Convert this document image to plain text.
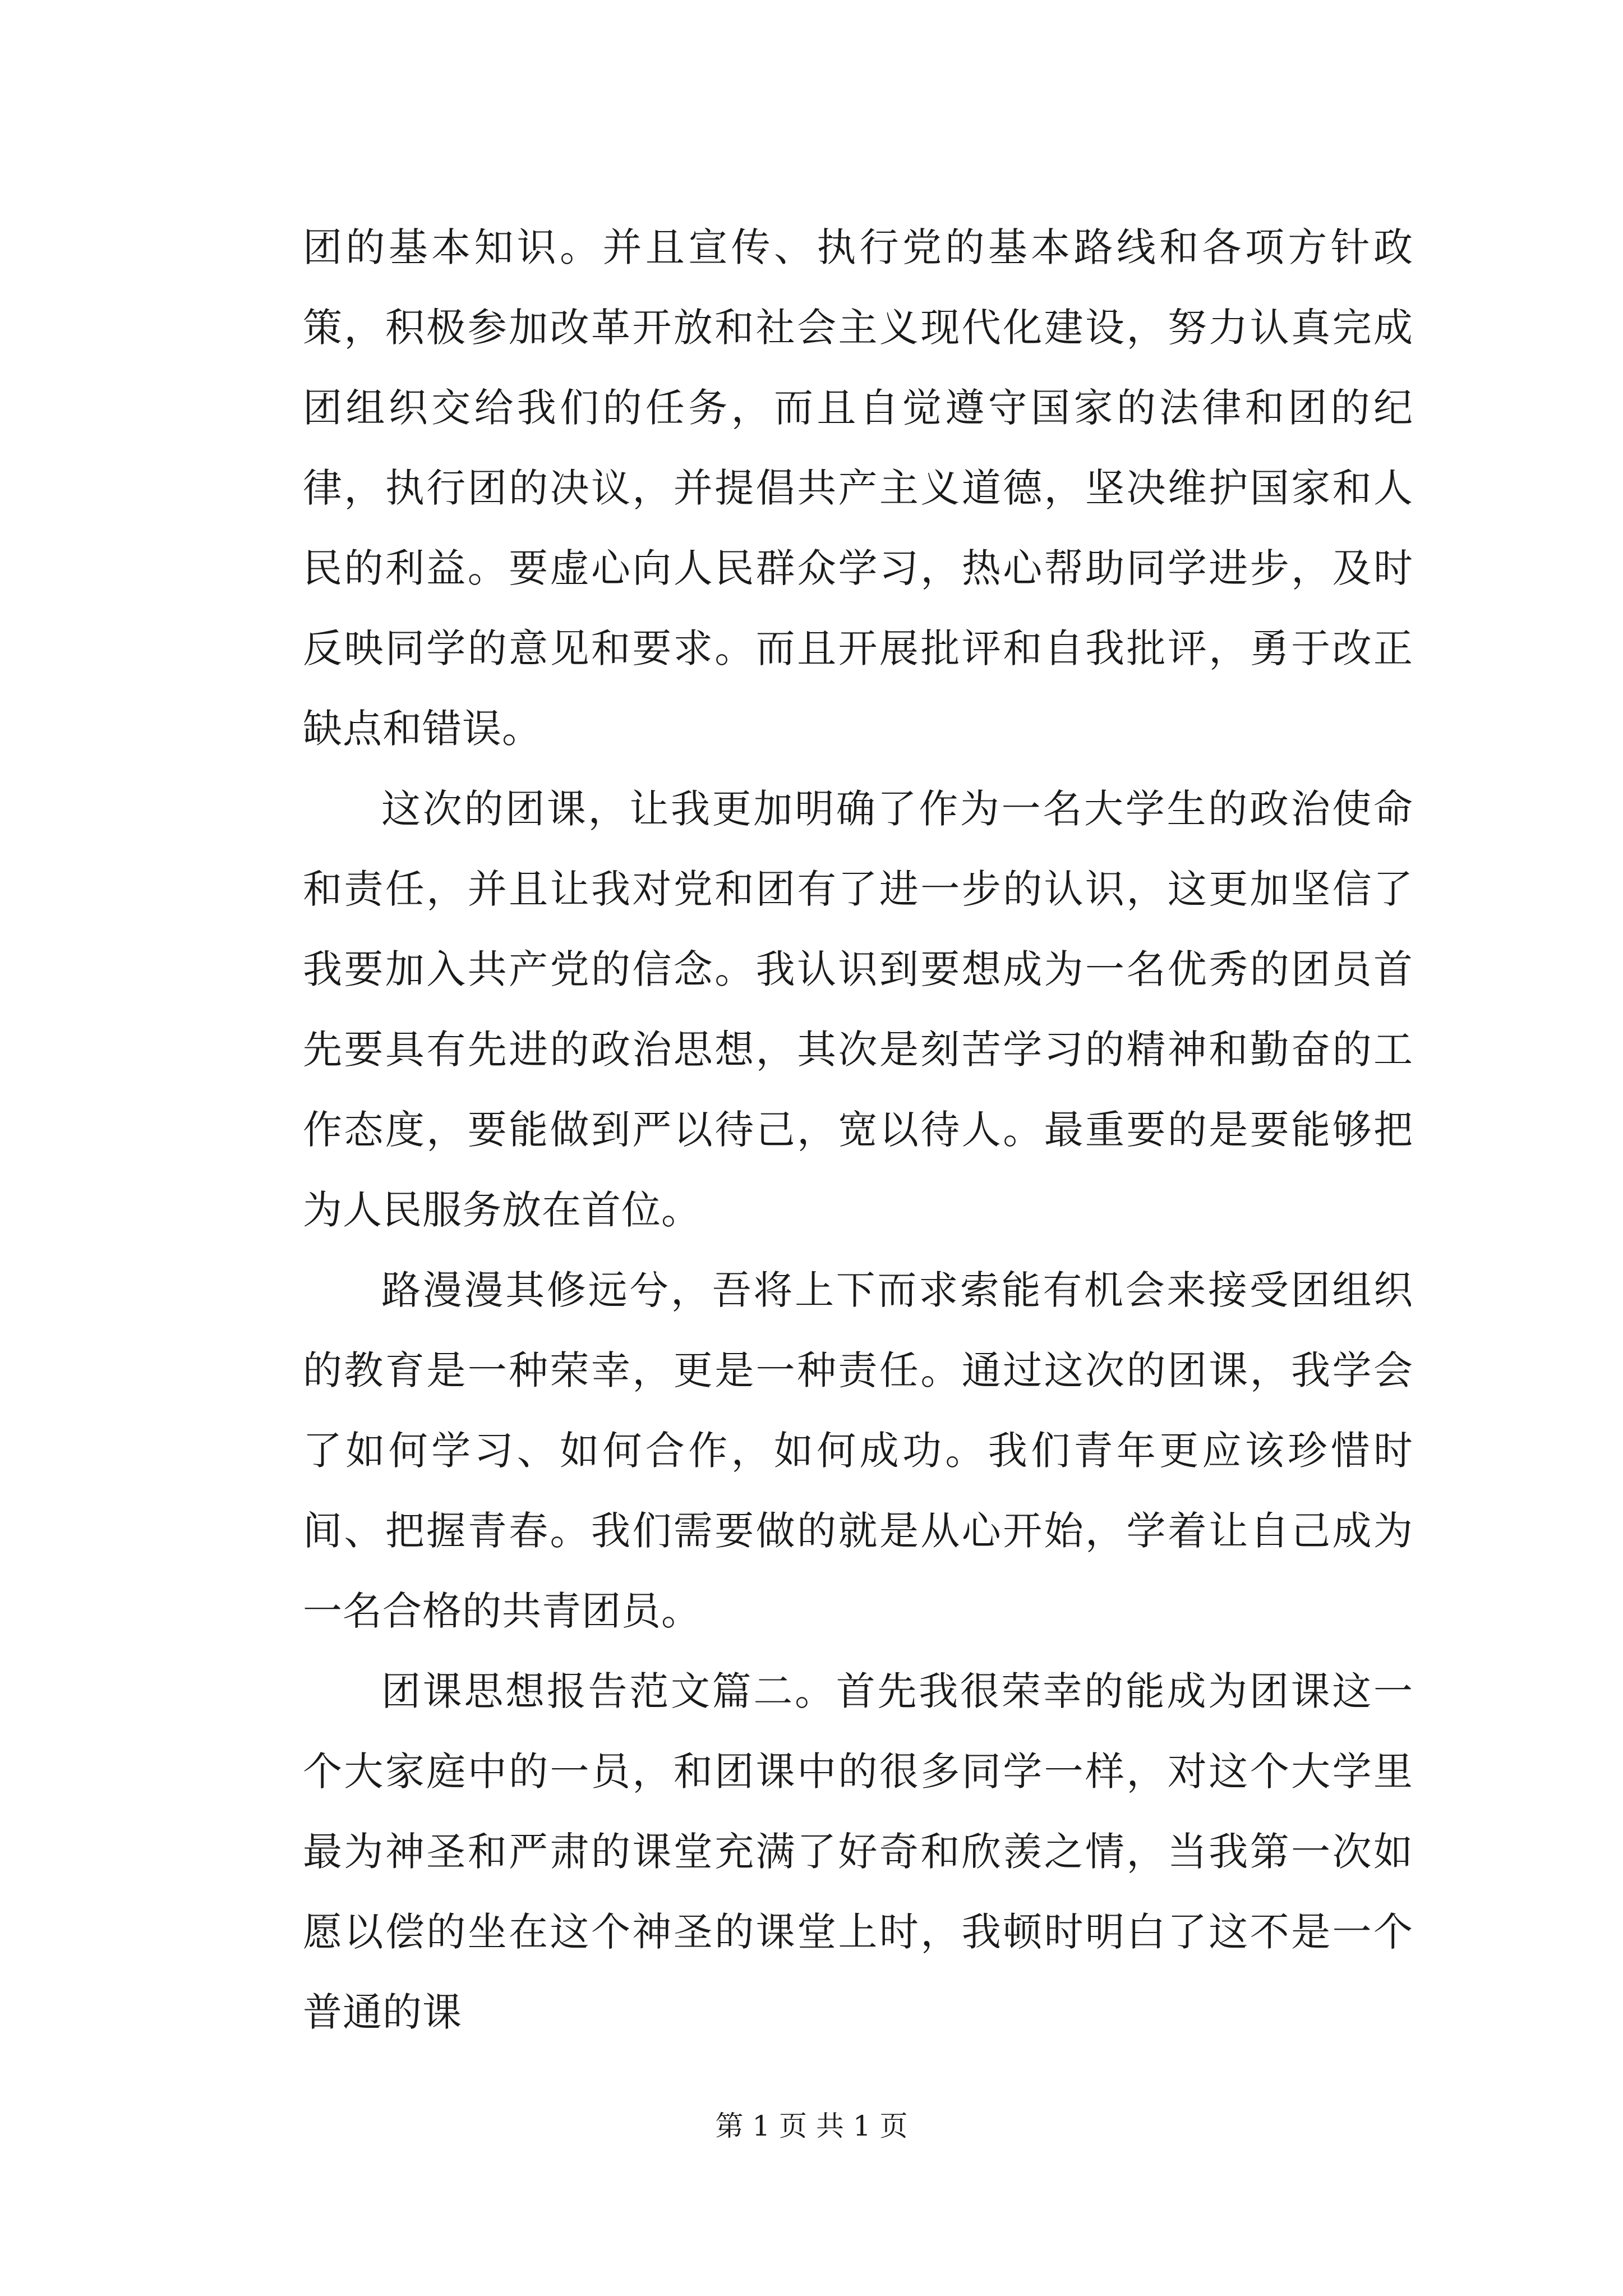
团的基本知识。并且宣传、执行党的基本路线和各项方针政策，积极参加改革开放和社会主义现代化建设，努力认真完成团组织交给我们的任务，而且自觉遵守国家的法律和团的纪律，执行团的决议，并提倡共产主义道德，坚决维护国家和人民的利益。要虚心向人民群众学习，热心帮助同学进步，及时反映同学的意见和要求。而且开展批评和自我批评，勇于改正缺点和错误。

这次的团课，让我更加明确了作为一名大学生的政治使命和责任，并且让我对党和团有了进一步的认识，这更加坚信了我要加入共产党的信念。我认识到要想成为一名优秀的团员首先要具有先进的政治思想，其次是刻苦学习的精神和勤奋的工作态度，要能做到严以待己，宽以待人。最重要的是要能够把为人民服务放在首位。

路漫漫其修远兮，吾将上下而求索能有机会来接受团组织的教育是一种荣幸，更是一种责任。通过这次的团课，我学会了如何学习、如何合作，如何成功。我们青年更应该珍惜时间、把握青春。我们需要做的就是从心开始，学着让自己成为一名合格的共青团员。

团课思想报告范文篇二。首先我很荣幸的能成为团课这一个大家庭中的一员，和团课中的很多同学一样，对这个大学里最为神圣和严肃的课堂充满了好奇和欣羡之情，当我第一次如愿以偿的坐在这个神圣的课堂上时，我顿时明白了这不是一个普通的课

第 1 页 共 1 页
